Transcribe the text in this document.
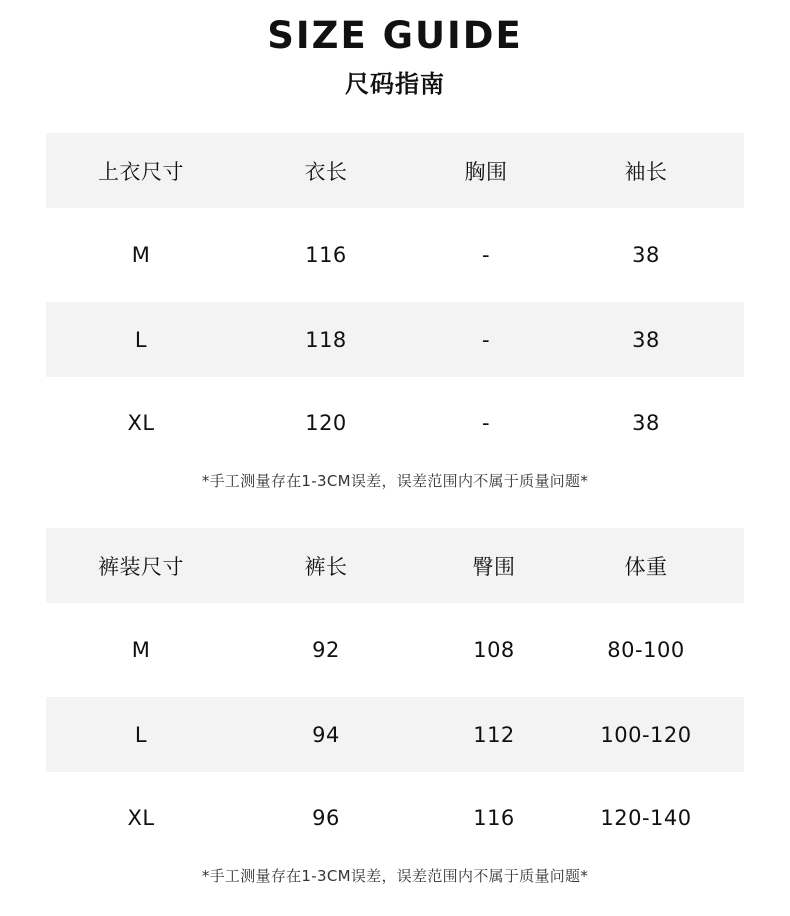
SIZE GUIDE
尺码指南
上衣尺寸	衣长	胸围	袖长
M	116	-	38
L	118	-	38
XL	120	-	38
*手工测量存在1-3CM误差，误差范围内不属于质量问题*
裤装尺寸	裤长	臀围	体重
M	92	108	80-100
L	94	112	100-120
XL	96	116	120-140
*手工测量存在1-3CM误差，误差范围内不属于质量问题*
